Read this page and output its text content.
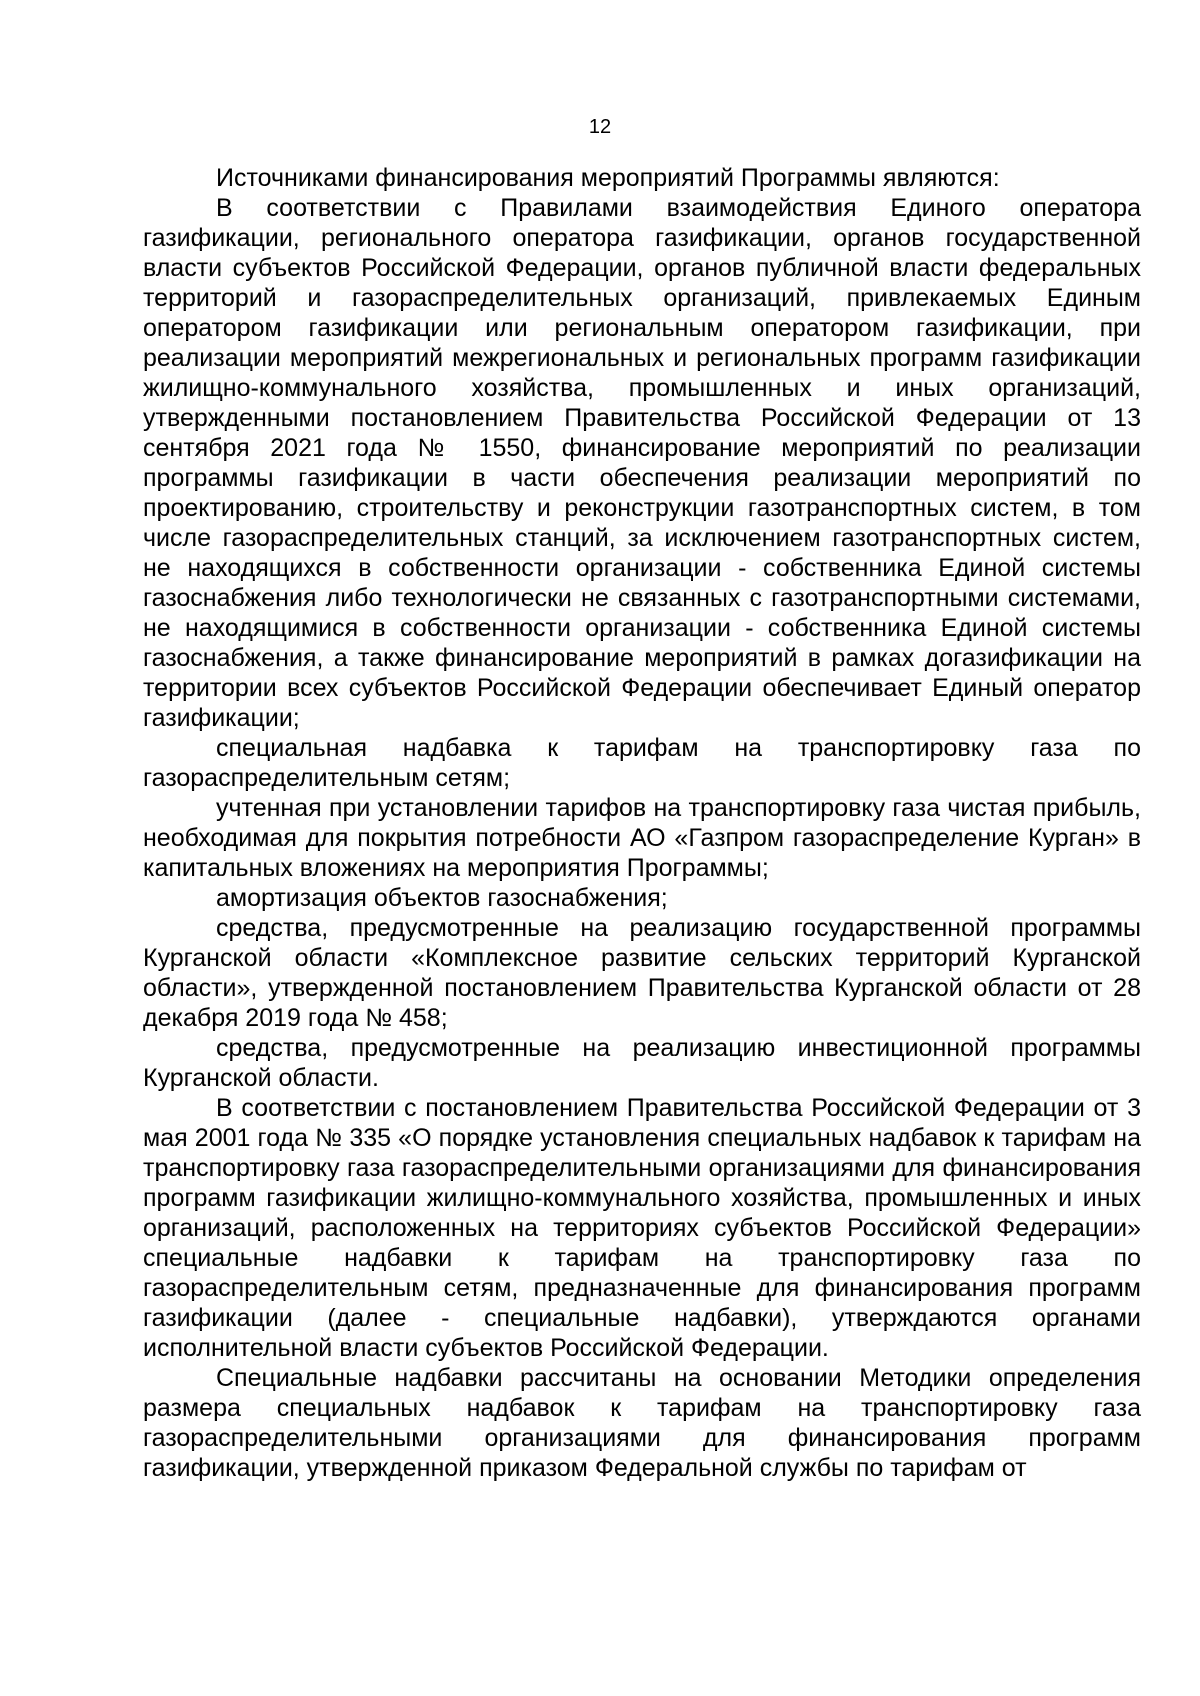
12

Источниками финансирования мероприятий Программы являются:

В соответствии с Правилами взаимодействия Единого оператора газификации, регионального оператора газификации, органов государственной власти субъектов Российской Федерации, органов публичной власти федеральных территорий и газораспределительных организаций, привлекаемых Единым оператором газификации или региональным оператором газификации, при реализации мероприятий межрегиональных и региональных программ газификации жилищно-коммунального хозяйства, промышленных и иных организаций, утвержденными постановлением Правительства Российской Федерации от 13 сентября 2021 года № 1550, финансирование мероприятий по реализации программы газификации в части обеспечения реализации мероприятий по проектированию, строительству и реконструкции газотранспортных систем, в том числе газораспределительных станций, за исключением газотранспортных систем, не находящихся в собственности организации - собственника Единой системы газоснабжения либо технологически не связанных с газотранспортными системами, не находящимися в собственности организации - собственника Единой системы газоснабжения, а также финансирование мероприятий в рамках догазификации на территории всех субъектов Российской Федерации обеспечивает Единый оператор газификации;

специальная надбавка к тарифам на транспортировку газа по газораспределительным сетям;

учтенная при установлении тарифов на транспортировку газа чистая прибыль, необходимая для покрытия потребности АО «Газпром газораспределение Курган» в капитальных вложениях на мероприятия Программы;

амортизация объектов газоснабжения;

средства, предусмотренные на реализацию государственной программы Курганской области «Комплексное развитие сельских территорий Курганской области», утвержденной постановлением Правительства Курганской области от 28 декабря 2019 года № 458;

средства, предусмотренные на реализацию инвестиционной программы Курганской области.

В соответствии с постановлением Правительства Российской Федерации от 3 мая 2001 года № 335 «О порядке установления специальных надбавок к тарифам на транспортировку газа газораспределительными организациями для финансирования программ газификации жилищно-коммунального хозяйства, промышленных и иных организаций, расположенных на территориях субъектов Российской Федерации» специальные надбавки к тарифам на транспортировку газа по газораспределительным сетям, предназначенные для финансирования программ газификации (далее - специальные надбавки), утверждаются органами исполнительной власти субъектов Российской Федерации.

Специальные надбавки рассчитаны на основании Методики определения размера специальных надбавок к тарифам на транспортировку газа газораспределительными организациями для финансирования программ газификации, утвержденной приказом Федеральной службы по тарифам от
